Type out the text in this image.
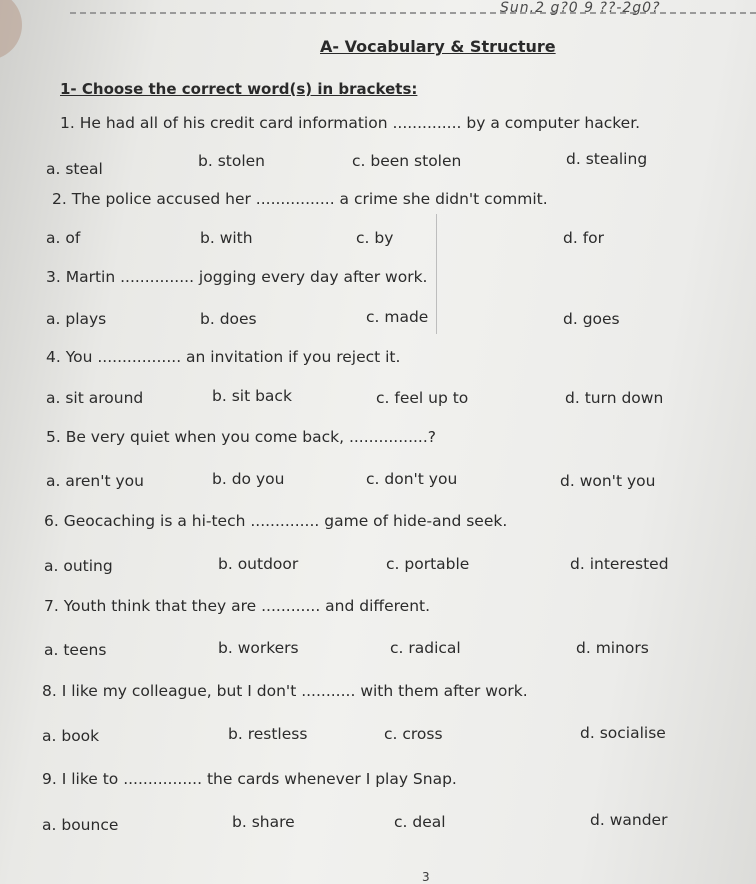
Sun.2 g?0 9 ??-2g0?
A- Vocabulary & Structure
1- Choose the correct word(s) in brackets:
1. He had all of his credit card information .............. by a computer hacker.
a. steal	b. stolen	c. been stolen	d. stealing
2. The police accused her ................ a crime she didn't commit.
a. of	b. with	c. by	d. for
3. Martin ............... jogging every day after work.
a. plays	b. does	c. made	d. goes
4. You ................. an invitation if you reject it.
a. sit around	b. sit back	c. feel up to	d. turn down
5. Be very quiet when you come back, ................?
a. aren't you	b. do you	c. don't you	d. won't you
6. Geocaching is a hi-tech .............. game of hide-and seek.
a. outing	b. outdoor	c. portable	d. interested
7. Youth think that they are ............ and different.
a. teens	b. workers	c. radical	d. minors
8. I like my colleague, but I don't ........... with them after work.
a. book	b. restless	c. cross	d. socialise
9. I like to ................ the cards whenever I play Snap.
a. bounce	b. share	c. deal	d. wander
3
